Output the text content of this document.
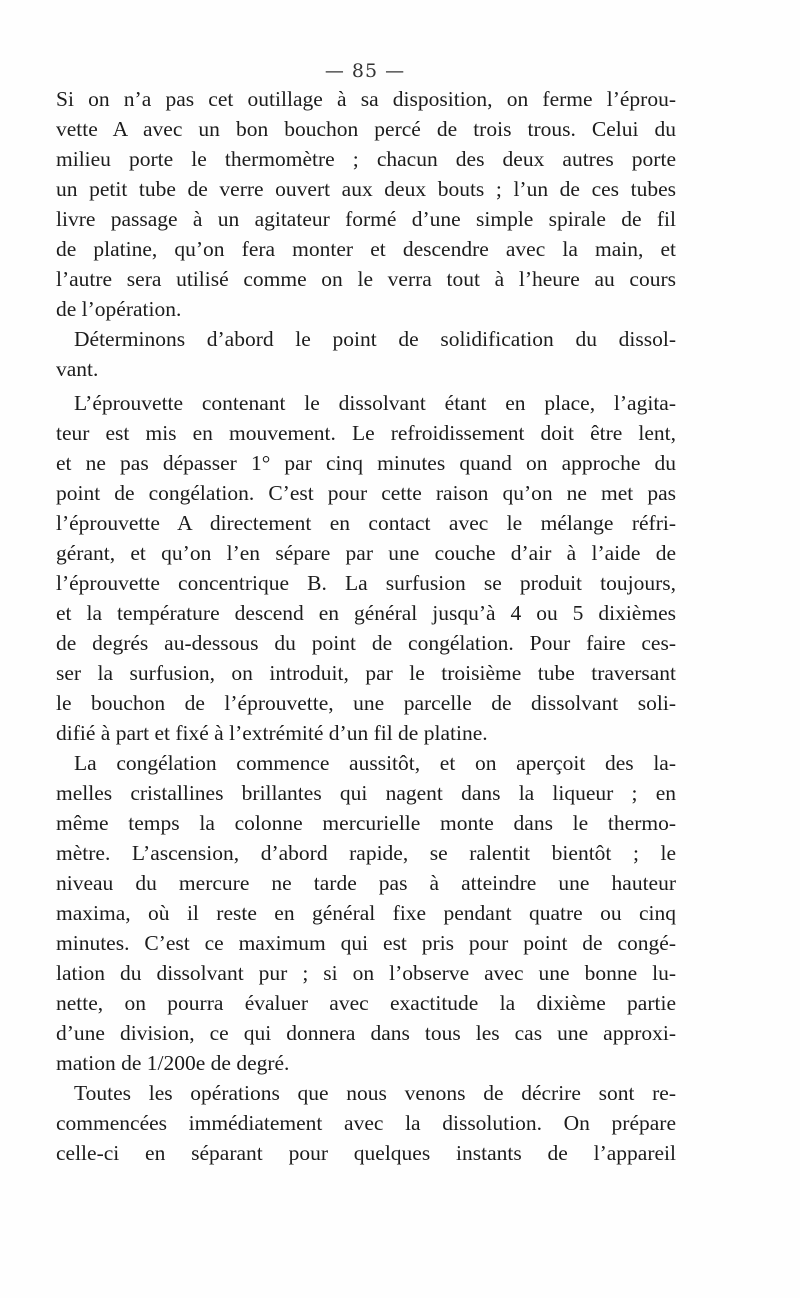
— 85 —
Si on n’a pas cet outillage à sa disposition, on ferme l’éprou-
vette A avec un bon bouchon percé de trois trous. Celui du
milieu porte le thermomètre ; chacun des deux autres porte
un petit tube de verre ouvert aux deux bouts ; l’un de ces tubes
livre passage à un agitateur formé d’une simple spirale de fil
de platine, qu’on fera monter et descendre avec la main, et
l’autre sera utilisé comme on le verra tout à l’heure au cours
de l’opération.
Déterminons d’abord le point de solidification du dissol-
vant.
L’éprouvette contenant le dissolvant étant en place, l’agita-
teur est mis en mouvement. Le refroidissement doit être lent,
et ne pas dépasser 1° par cinq minutes quand on approche du
point de congélation. C’est pour cette raison qu’on ne met pas
l’éprouvette A directement en contact avec le mélange réfri-
gérant, et qu’on l’en sépare par une couche d’air à l’aide de
l’éprouvette concentrique B. La surfusion se produit toujours,
et la température descend en général jusqu’à 4 ou 5 dixièmes
de degrés au-dessous du point de congélation. Pour faire ces-
ser la surfusion, on introduit, par le troisième tube traversant
le bouchon de l’éprouvette, une parcelle de dissolvant soli-
difié à part et fixé à l’extrémité d’un fil de platine.
La congélation commence aussitôt, et on aperçoit des la-
melles cristallines brillantes qui nagent dans la liqueur ; en
même temps la colonne mercurielle monte dans le thermo-
mètre. L’ascension, d’abord rapide, se ralentit bientôt ; le
niveau du mercure ne tarde pas à atteindre une hauteur
maxima, où il reste en général fixe pendant quatre ou cinq
minutes. C’est ce maximum qui est pris pour point de congé-
lation du dissolvant pur ; si on l’observe avec une bonne lu-
nette, on pourra évaluer avec exactitude la dixième partie
d’une division, ce qui donnera dans tous les cas une approxi-
mation de 1/200e de degré.
Toutes les opérations que nous venons de décrire sont re-
commencées immédiatement avec la dissolution. On prépare
celle-ci en séparant pour quelques instants de l’appareil
